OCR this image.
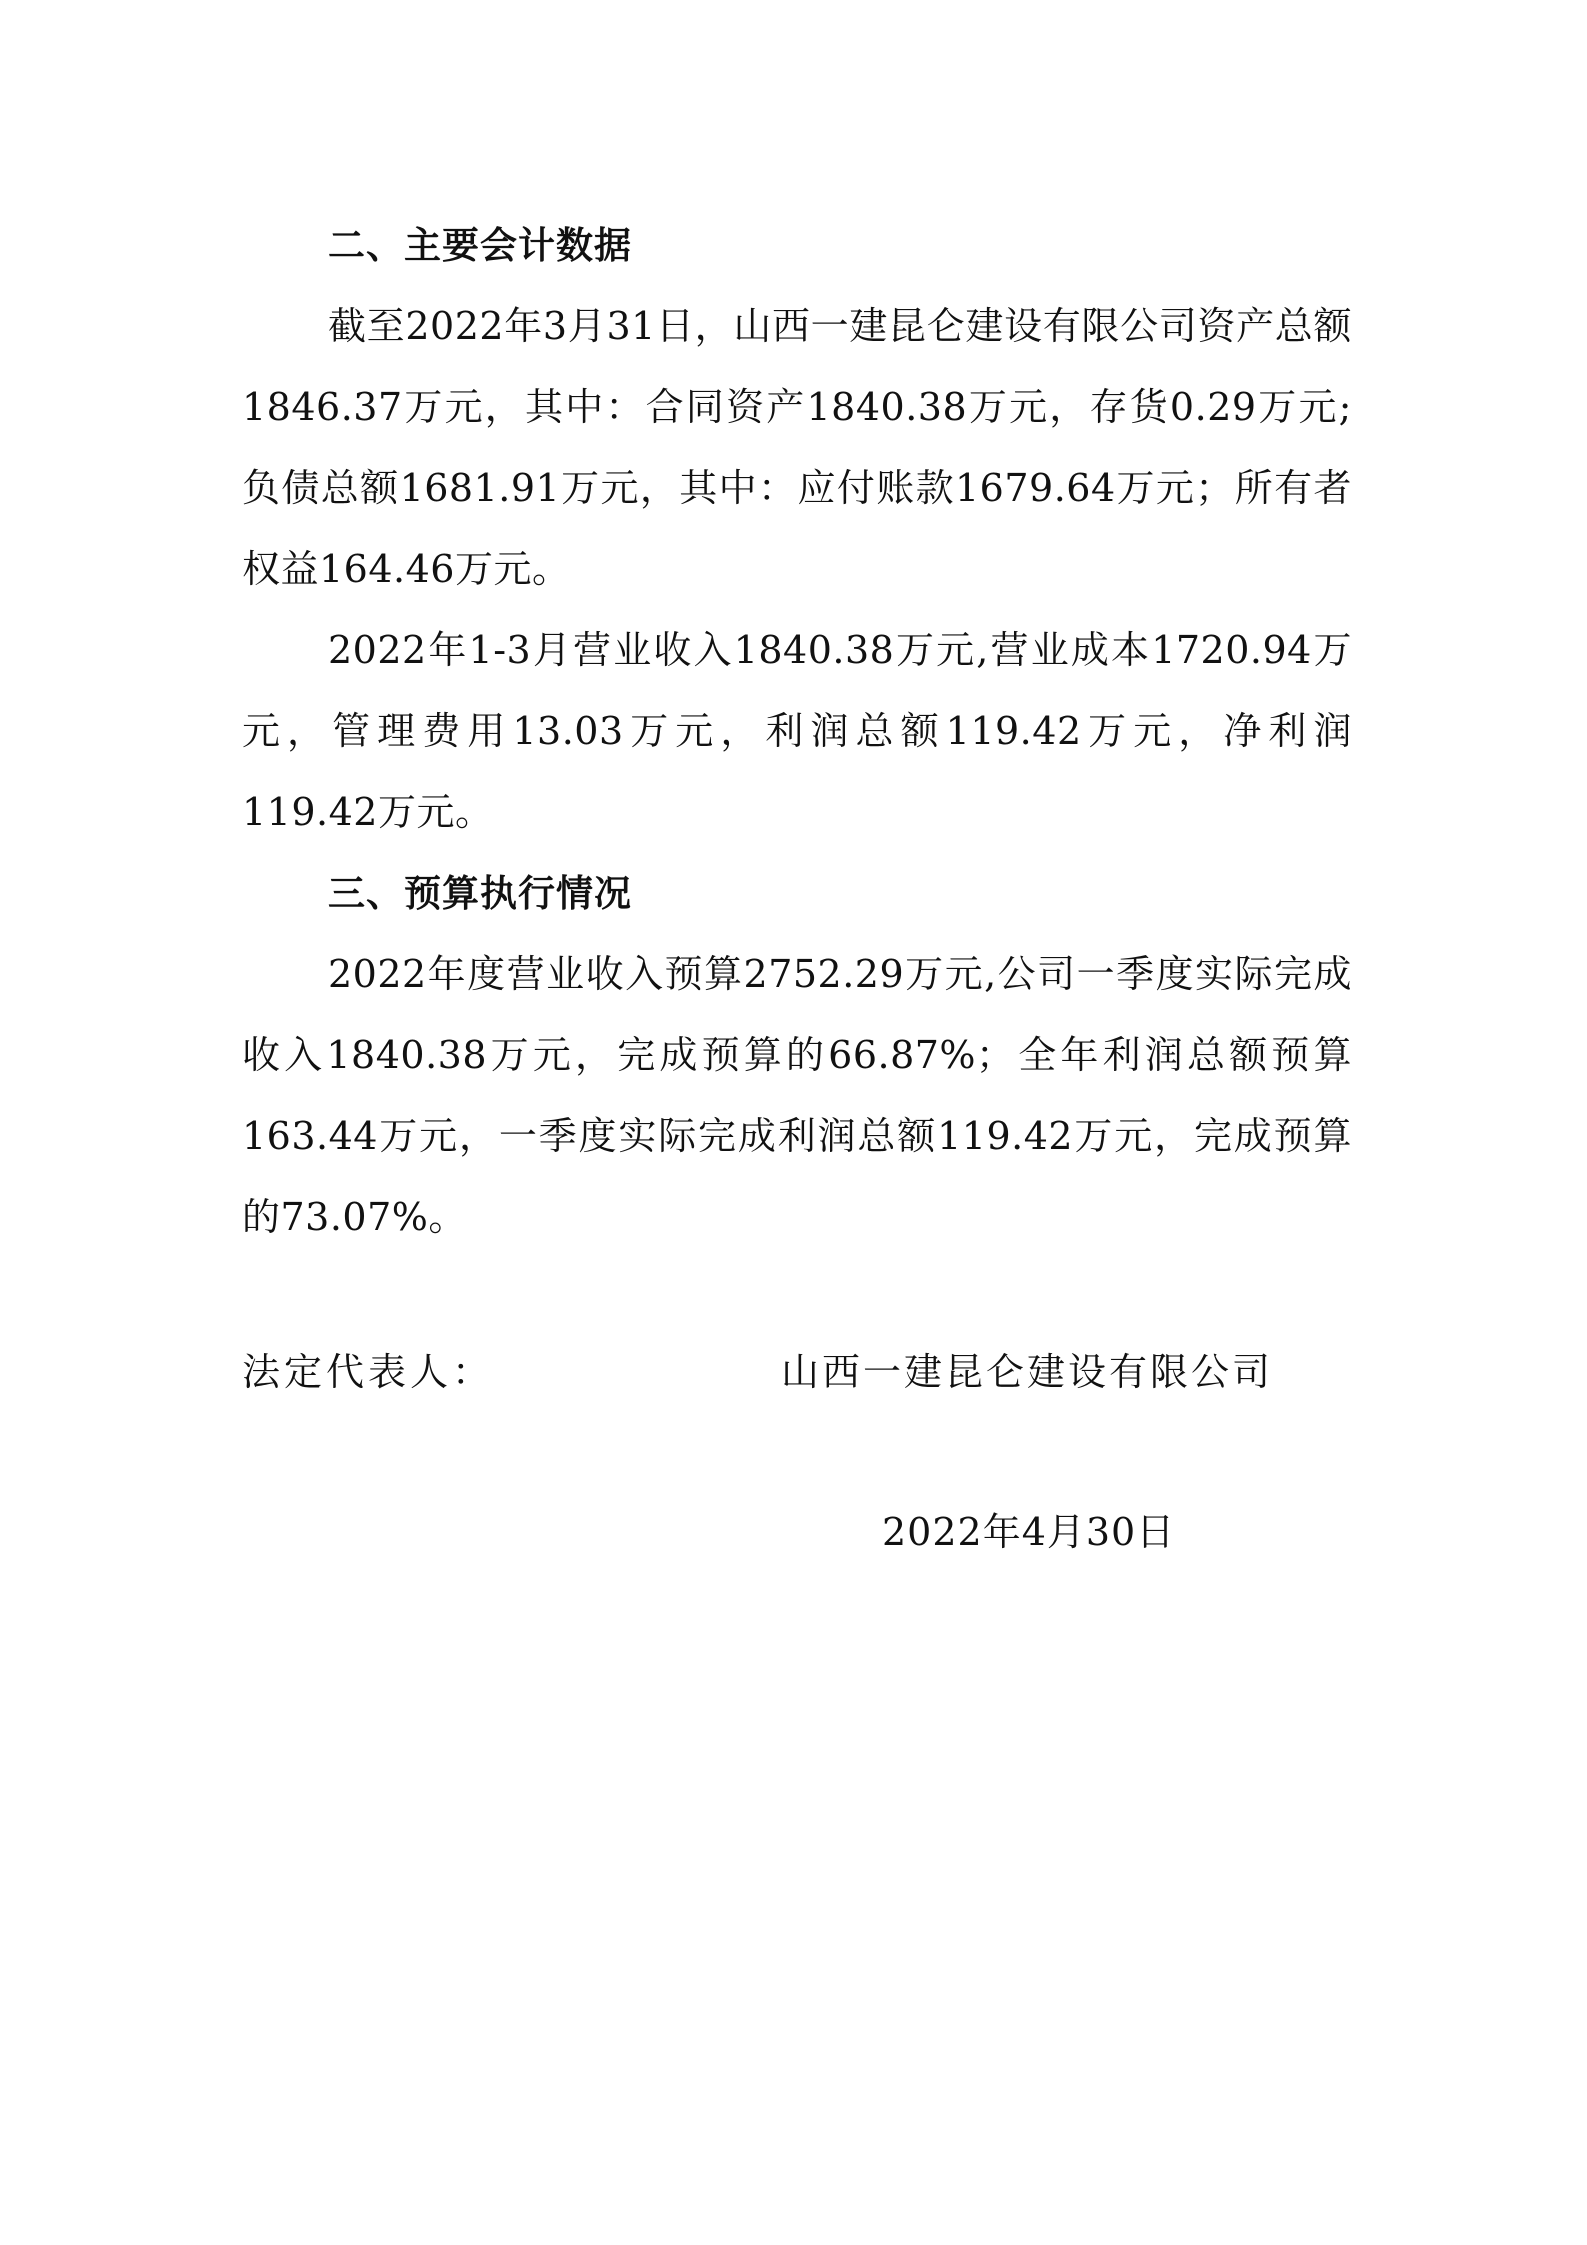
二、主要会计数据
截至2022年3月31日，山西一建昆仑建设有限公司资产总额1846.37万元，其中：合同资产1840.38万元，存货0.29万元;负债总额1681.91万元，其中：应付账款1679.64万元；所有者权益164.46万元。
2022年1-3月营业收入1840.38万元,营业成本1720.94万元，管理费用13.03万元，利润总额119.42万元，净利润119.42万元。
三、预算执行情况
2022年度营业收入预算2752.29万元,公司一季度实际完成收入1840.38万元，完成预算的66.87%；全年利润总额预算163.44万元，一季度实际完成利润总额119.42万元，完成预算的73.07%。
法定代表人：	山西一建昆仑建设有限公司
2022年4月30日
